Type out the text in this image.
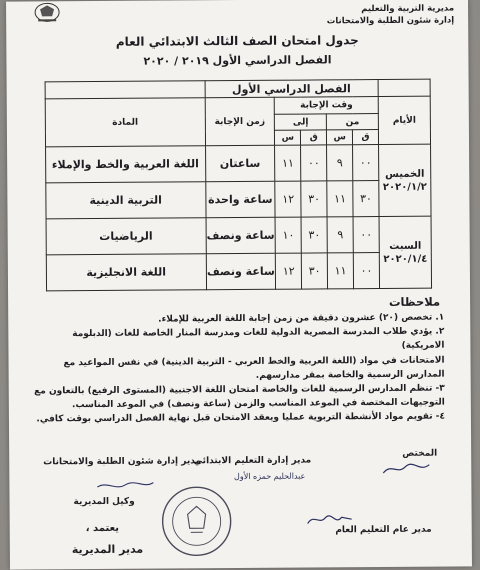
مديرية التربية والتعليم
إدارة شئون الطلبة والامتحانات
جدول امتحان الصف الثالث الابتدائي العام
الفصل الدراسي الأول ٢٠١٩ / ٢٠٢٠
	الفصل الدراسي الأول					
الأيام	وقت الإجابة				زمن الإجابة	المادة
	من		إلى			
	ق	س	ق	س		

الخميس
٢٠٢٠/١/٢	٠٠	٩	٠٠	١١	ساعتان	اللغة العربية والخط والإملاء
	٣٠	١١	٣٠	١٢	ساعة واحدة	التربية الدينية

السبت
٢٠٢٠/١/٤	٠٠	٩	٣٠	١٠	ساعة ونصف	الرياضيات
	٠٠	١١	٣٠	١٢	ساعة ونصف	اللغة الانجليزية
ملاحظات

١. تخصص (٢٠) عشرون دقيقة من زمن إجابة اللغة العربية للإملاء.

٢. يؤدي طلاب المدرسة المصرية الدولية للغات ومدرسة المنار الخاصة للغات (الدبلومة الامريكية)

الامتحانات في مواد (اللغة العربية والخط العربي - التربية الدينية) في نفس المواعيد مع المدارس الرسمية والخاصة بمقر مدارسهم.

٣- تنظم المدارس الرسمية للغات والخاصة امتحان اللغة الاجنبية (المستوى الرفيع) بالتعاون مع التوجيهات المختصة في الموعد المناسب والزمن (ساعة ونصف) في الموعد المناسب.

٤- تقويم مواد الأنشطة التربوية عمليا ويعقد الامتحان قبل نهاية الفصل الدراسي بوقت كافي.

المختص
مدير إدارة التعليم الابتدائي
عبدالحليم حمزه الأول
مدير إدارة شئون الطلبة والامتحانات
وكيل المديرية
مدير عام التعليم العام
يعتمد ،
مدير المديرية
